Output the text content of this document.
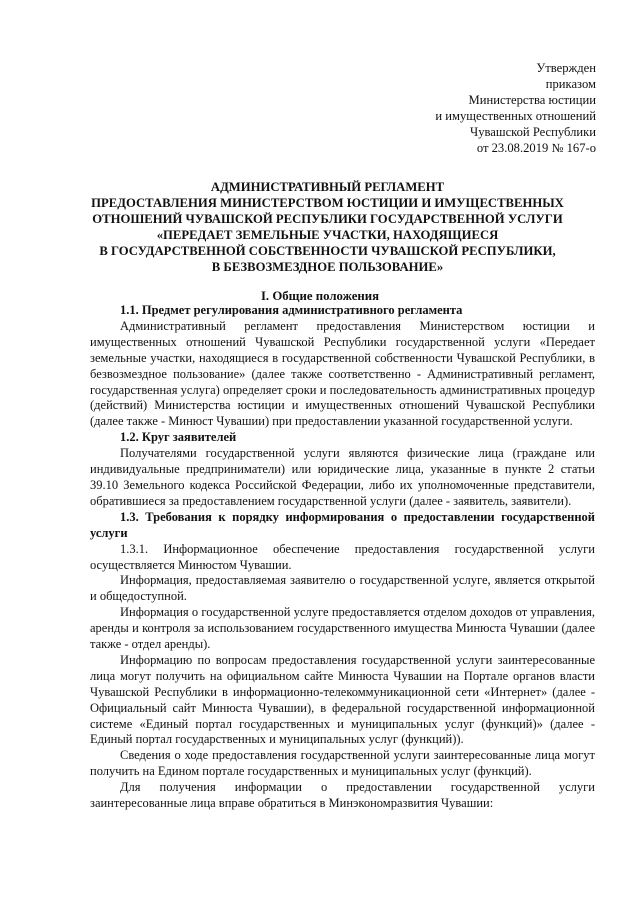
Утвержден
приказом
Министерства юстиции
и имущественных отношений
Чувашской Республики
от 23.08.2019 № 167-о
АДМИНИСТРАТИВНЫЙ РЕГЛАМЕНТ
ПРЕДОСТАВЛЕНИЯ МИНИСТЕРСТВОМ ЮСТИЦИИ И ИМУЩЕСТВЕННЫХ
ОТНОШЕНИЙ ЧУВАШСКОЙ РЕСПУБЛИКИ ГОСУДАРСТВЕННОЙ УСЛУГИ
«ПЕРЕДАЕТ ЗЕМЕЛЬНЫЕ УЧАСТКИ, НАХОДЯЩИЕСЯ
В ГОСУДАРСТВЕННОЙ СОБСТВЕННОСТИ ЧУВАШСКОЙ РЕСПУБЛИКИ,
В БЕЗВОЗМЕЗДНОЕ ПОЛЬЗОВАНИЕ»
I. Общие положения
1.1. Предмет регулирования административного регламента

Административный регламент предоставления Министерством юстиции и имущественных отношений Чувашской Республики государственной услуги «Передает земельные участки, находящиеся в государственной собственности Чувашской Республики, в безвозмездное пользование» (далее также соответственно - Административный регламент, государственная услуга) определяет сроки и последовательность административных процедур (действий) Министерства юстиции и имущественных отношений Чувашской Республики (далее также - Минюст Чувашии) при предоставлении указанной государственной услуги.

1.2. Круг заявителей

Получателями государственной услуги являются физические лица (граждане или индивидуальные предприниматели) или юридические лица, указанные в пункте 2 статьи 39.10 Земельного кодекса Российской Федерации, либо их уполномоченные представители, обратившиеся за предоставлением государственной услуги (далее - заявитель, заявители).

1.3. Требования к порядку информирования о предоставлении государственной услуги

1.3.1. Информационное обеспечение предоставления государственной услуги осуществляется Минюстом Чувашии.

Информация, предоставляемая заявителю о государственной услуге, является открытой и общедоступной.

Информация о государственной услуге предоставляется отделом доходов от управления, аренды и контроля за использованием государственного имущества Минюста Чувашии (далее также - отдел аренды).

Информацию по вопросам предоставления государственной услуги заинтересованные лица могут получить на официальном сайте Минюста Чувашии на Портале органов власти Чувашской Республики в информационно-телекоммуникационной сети «Интернет» (далее - Официальный сайт Минюста Чувашии), в федеральной государственной информационной системе «Единый портал государственных и муниципальных услуг (функций)» (далее - Единый портал государственных и муниципальных услуг (функций)).

Сведения о ходе предоставления государственной услуги заинтересованные лица могут получить на Едином портале государственных и муниципальных услуг (функций).

Для получения информации о предоставлении государственной услуги заинтересованные лица вправе обратиться в Минэкономразвития Чувашии:
